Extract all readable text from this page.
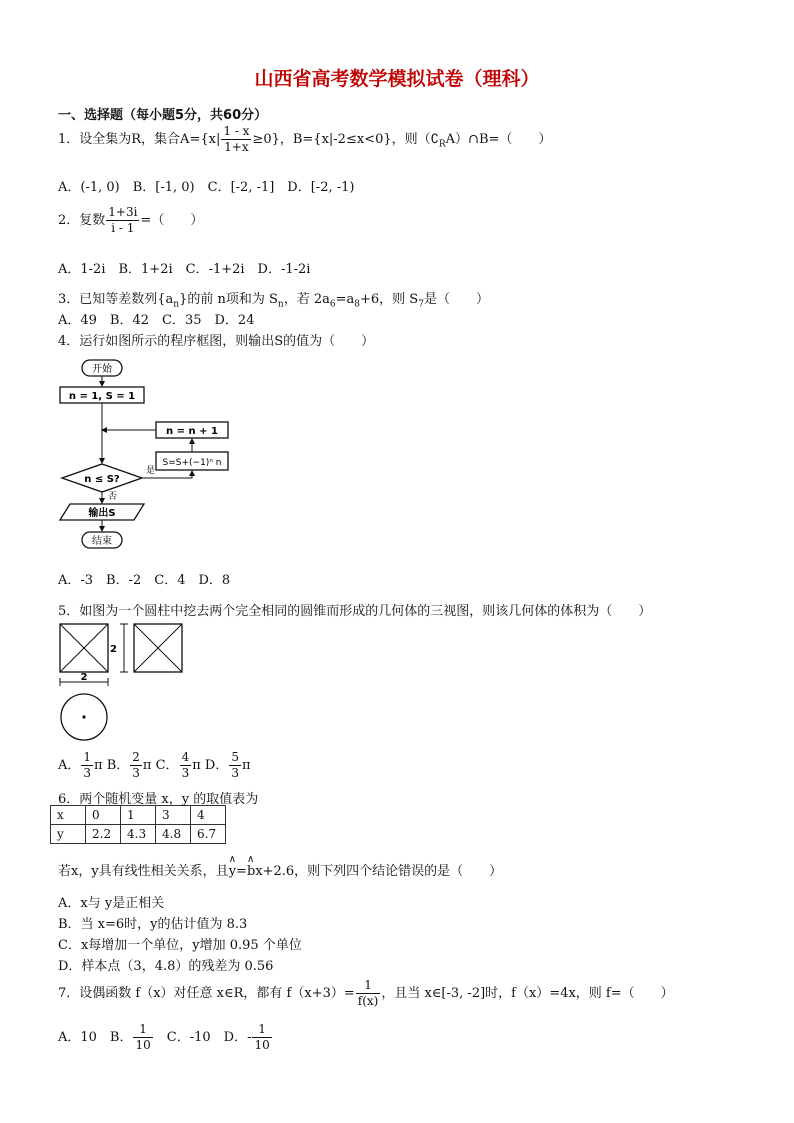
山西省高考数学模拟试卷（理科）
一、选择题（每小题5分，共60分）
1．设全集为R，集合$A=\{x| \frac{1 - x}{1+x} \ge 0\}$，B={x|-2≤x<0}，则$(∁_RA)\cap B=$（　　）
A．(-1, 0)　B．[-1, 0)　C．[-2, -1]　D．[-2, -1)
2．复数 $\frac{1+3i}{i - 1}$ =（　　）
A．1-2i　B．1+2i　C．-1+2i　D．-1-2i
3．已知等差数列$\{a_n\}$的前 n项和为 $S_n$，若 $2a_6=a_8+6$，则 $S_7$是（　　）
A．49　B．42　C．35　D．24
4．运行如图所示的程序框图，则输出S的值为（　　）
开始
n = 1, S = 1
n = n + 1
S=S+(−1)ⁿ n
n ≤ S?
是
否
输出S
结束
A．-3　B．-2　C．4　D．8
5．如图为一个圆柱中挖去两个完全相同的圆锥而形成的几何体的三视图，则该几何体的体积为（　　）
2
2
A． $\frac{1}{3}$ π B． $\frac{2}{3}$ π C． $\frac{4}{3}$ π D． $\frac{5}{3}$ π
6．两个随机变量 x，y 的取值表为
x	0	1	3	4
y	2.2	4.3	4.8	6.7
若x，y具有线性相关关系，且∧ y=∧ bx+2.6，则下列四个结论错误的是（　　）
A．x与 y是正相关
B．当 x=6时，y的估计值为 8.3
C．x每增加一个单位，y增加 0.95 个单位
D．样本点（3，4.8）的残差为 0.56
7．设偶函数 f（x）对任意 x∈R，都有 $f(x+3)= \frac{1}{f(x)}$ ，且当 x∈[-3, -2]时，f（x）=4x，则 f=（　　）
A．10　B． $\frac{1}{10}$ 　C．-10　D．- $\frac{1}{10}$
